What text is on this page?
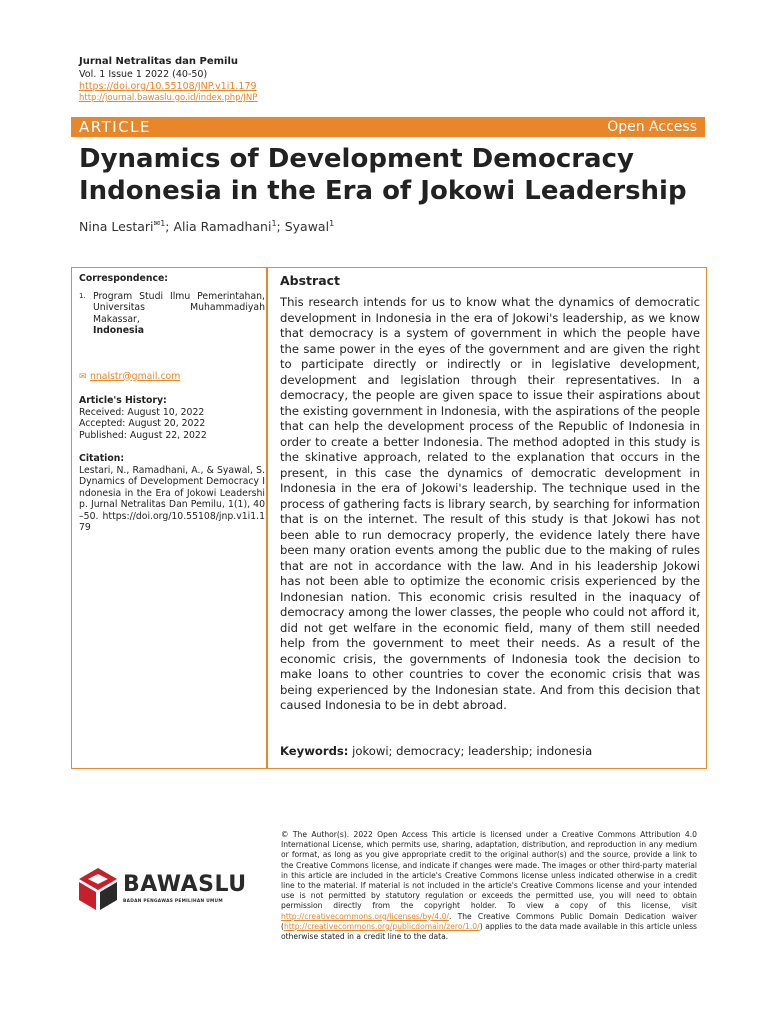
Jurnal Netralitas dan Pemilu
Vol. 1 Issue 1 2022 (40-50)
https://doi.org/10.55108/JNP.v1i1.179
http://journal.bawaslu.go.id/index.php/JNP
ARTICLE	Open Access
Dynamics of Development Democracy Indonesia in the Era of Jokowi Leadership
Nina Lestari$^{✉1}$; Alia Ramadhani$^1$; Syawal$^1$
Correspondence:
1. Program Studi Ilmu Pemerintahan, Universitas Muhammadiyah Makassar,
Indonesia
✉ nnalstr@gmail.com
Article's History:
Received: August 10, 2022
Accepted: August 20, 2022
Published: August 22, 2022
Citation:
Lestari, N., Ramadhani, A., & Syawal, S. Dynamics of Development Democracy Indonesia in the Era of Jokowi Leadership. Jurnal Netralitas Dan Pemilu, 1(1), 40–50. https://doi.org/10.55108/jnp.v1i1.179
Abstract
This research intends for us to know what the dynamics of democratic development in Indonesia in the era of Jokowi's leadership, as we know that democracy is a system of government in which the people have the same power in the eyes of the government and are given the right to participate directly or indirectly or in legislative development, development and legislation through their representatives. In a democracy, the people are given space to issue their aspirations about the existing government in Indonesia, with the aspirations of the people that can help the development process of the Republic of Indonesia in order to create a better Indonesia. The method adopted in this study is the skinative approach, related to the explanation that occurs in the present, in this case the dynamics of democratic development in Indonesia in the era of Jokowi's leadership. The technique used in the process of gathering facts is library search, by searching for information that is on the internet. The result of this study is that Jokowi has not been able to run democracy properly, the evidence lately there have been many oration events among the public due to the making of rules that are not in accordance with the law. And in his leadership Jokowi has not been able to optimize the economic crisis experienced by the Indonesian nation. This economic crisis resulted in the inaquacy of democracy among the lower classes, the people who could not afford it, did not get welfare in the economic field, many of them still needed help from the government to meet their needs. As a result of the economic crisis, the governments of Indonesia took the decision to make loans to other countries to cover the economic crisis that was being experienced by the Indonesian state. And from this decision that caused Indonesia to be in debt abroad.
Keywords: jokowi; democracy; leadership; indonesia
BAWASLU
BADAN PENGAWAS PEMILIHAN UMUM
© The Author(s). 2022 Open Access This article is licensed under a Creative Commons Attribution 4.0 International License, which permits use, sharing, adaptation, distribution, and reproduction in any medium or format, as long as you give appropriate credit to the original author(s) and the source, provide a link to the Creative Commons license, and indicate if changes were made. The images or other third-party material in this article are included in the article's Creative Commons license unless indicated otherwise in a credit line to the material. If material is not included in the article's Creative Commons license and your intended use is not permitted by statutory regulation or exceeds the permitted use, you will need to obtain permission directly from the copyright holder. To view a copy of this license, visit http://creativecommons.org/licenses/by/4.0/. The Creative Commons Public Domain Dedication waiver (http://creativecommons.org/publicdomain/zero/1.0/) applies to the data made available in this article unless otherwise stated in a credit line to the data.
